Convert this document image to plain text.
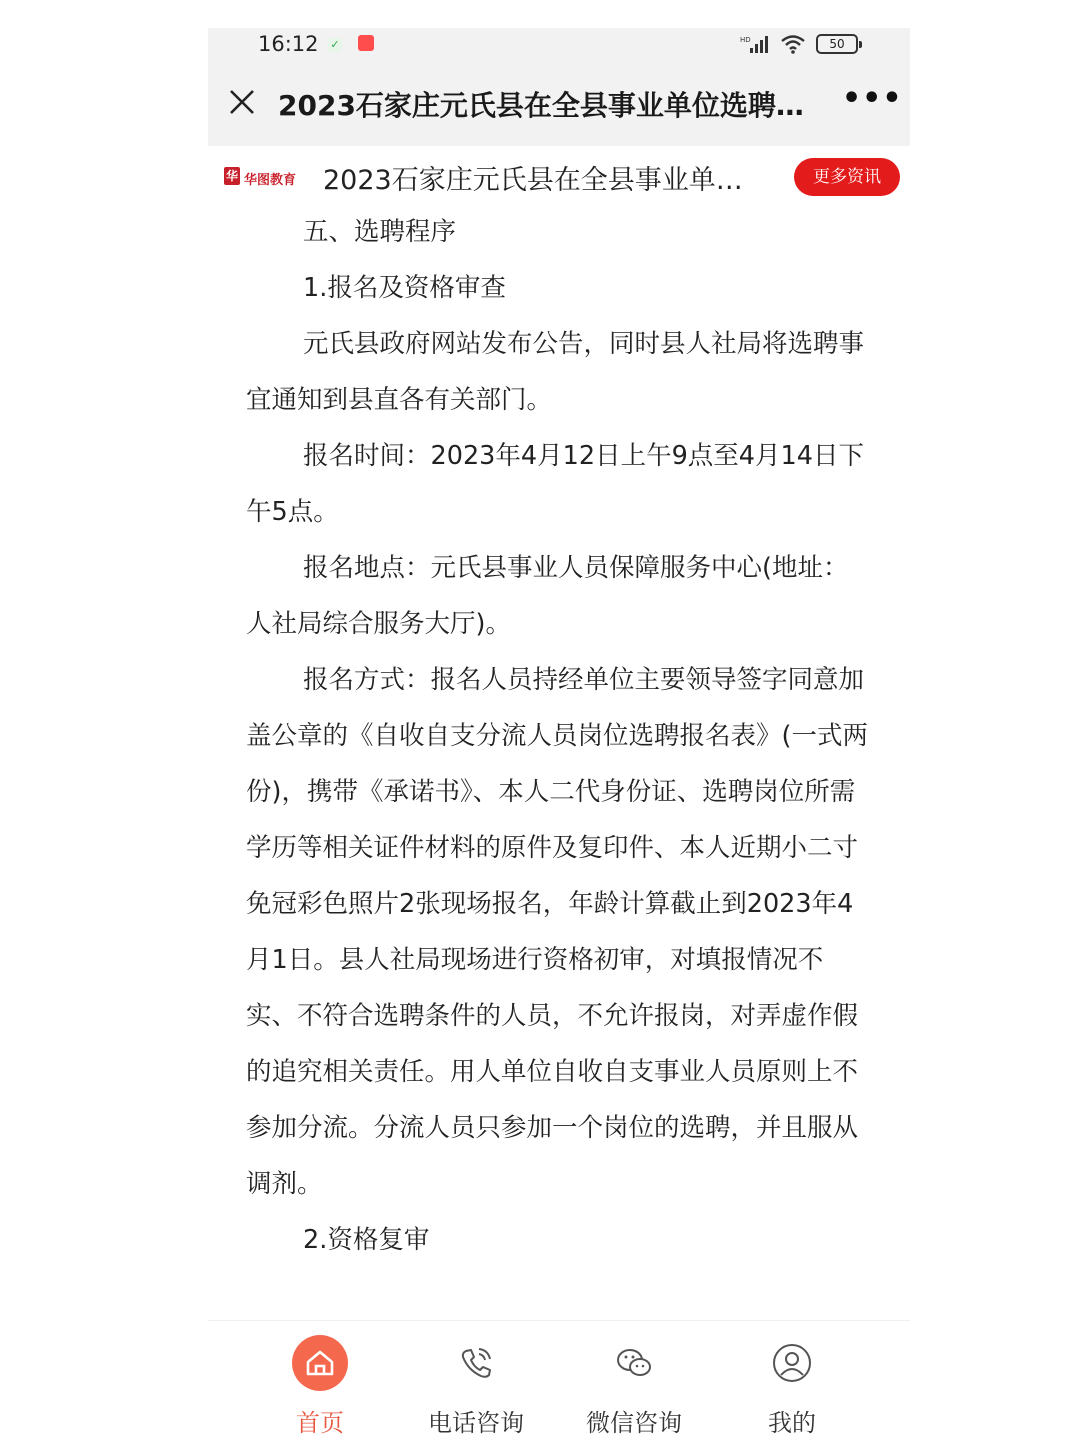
16:12 ✓	HD	50
2023石家庄元氏县在全县事业单位选聘…	•••
华 华图教育 2023石家庄元氏县在全县事业单…	更多资讯

五、选聘程序

1.报名及资格审查

元氏县政府网站发布公告，同时县人社局将选聘事宜通知到县直各有关部门。

报名时间：2023年4月12日上午9点至4月14日下午5点。

报名地点：元氏县事业人员保障服务中心(地址：人社局综合服务大厅)。

报名方式：报名人员持经单位主要领导签字同意加盖公章的《自收自支分流人员岗位选聘报名表》(一式两份)，携带《承诺书》、本人二代身份证、选聘岗位所需学历等相关证件材料的原件及复印件、本人近期小二寸免冠彩色照片2张现场报名，年龄计算截止到2023年4月1日。县人社局现场进行资格初审，对填报情况不实、不符合选聘条件的人员，不允许报岗，对弄虚作假的追究相关责任。用人单位自收自支事业人员原则上不参加分流。分流人员只参加一个岗位的选聘，并且服从调剂。

2.资格复审

首页	电话咨询	微信咨询	我的
